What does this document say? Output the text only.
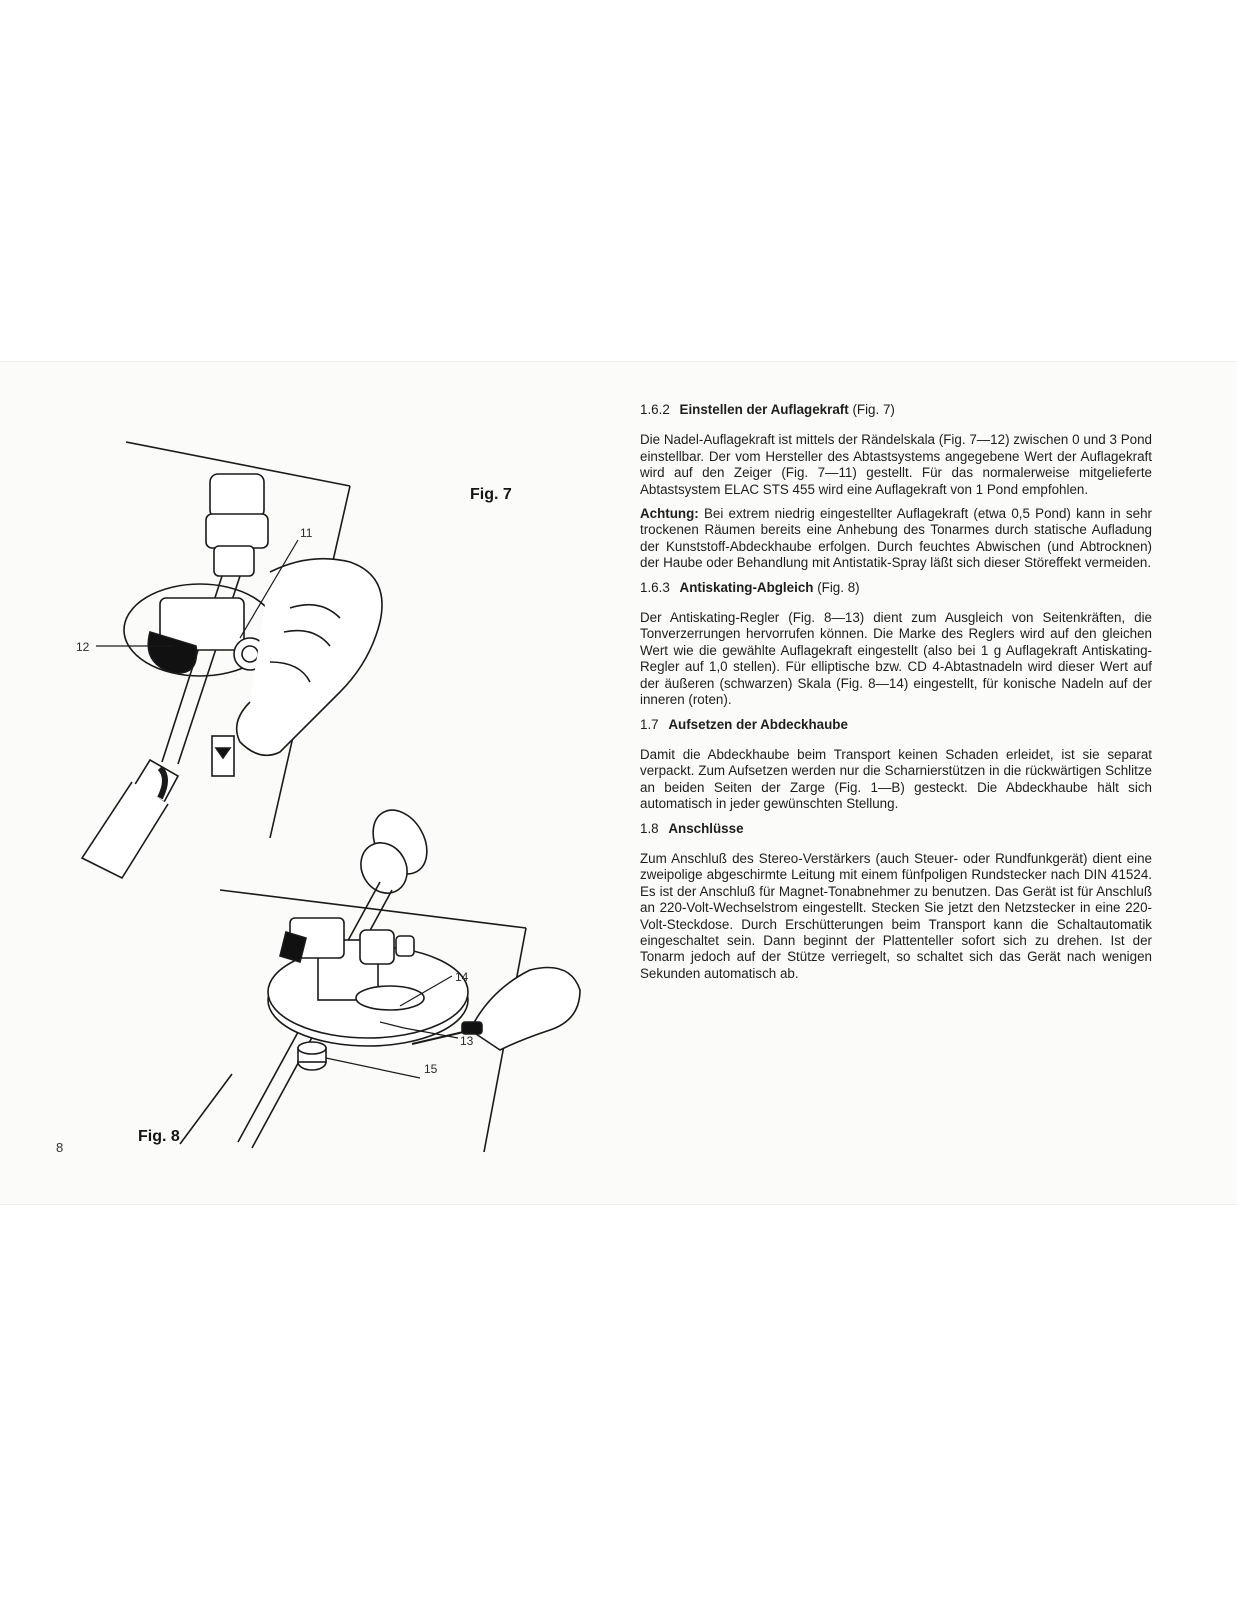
Fig. 7
11
12
Fig. 8
14
13
15
8
1.6.2 Einstellen der Auflagekraft (Fig. 7)

Die Nadel-Auflagekraft ist mittels der Rändelskala (Fig. 7—12) zwischen 0 und 3 Pond einstellbar. Der vom Hersteller des Abtastsystems angegebene Wert der Auflagekraft wird auf den Zeiger (Fig. 7—11) gestellt. Für das normalerweise mitgelieferte Abtastsystem ELAC STS 455 wird eine Auflagekraft von 1 Pond empfohlen.

Achtung: Bei extrem niedrig eingestellter Auflagekraft (etwa 0,5 Pond) kann in sehr trockenen Räumen bereits eine Anhebung des Tonarmes durch statische Aufladung der Kunststoff-Abdeckhaube erfolgen. Durch feuchtes Abwischen (und Abtrocknen) der Haube oder Behandlung mit Antistatik-Spray läßt sich dieser Störeffekt vermeiden.

1.6.3 Antiskating-Abgleich (Fig. 8)

Der Antiskating-Regler (Fig. 8—13) dient zum Ausgleich von Seitenkräften, die Tonverzerrungen hervorrufen können. Die Marke des Reglers wird auf den gleichen Wert wie die gewählte Auflagekraft eingestellt (also bei 1 g Auflagekraft Antiskating-Regler auf 1,0 stellen). Für elliptische bzw. CD 4-Abtastnadeln wird dieser Wert auf der äußeren (schwarzen) Skala (Fig. 8—14) eingestellt, für konische Nadeln auf der inneren (roten).

1.7 Aufsetzen der Abdeckhaube

Damit die Abdeckhaube beim Transport keinen Schaden erleidet, ist sie separat verpackt. Zum Aufsetzen werden nur die Scharnierstützen in die rückwärtigen Schlitze an beiden Seiten der Zarge (Fig. 1—B) gesteckt. Die Abdeckhaube hält sich automatisch in jeder gewünschten Stellung.

1.8 Anschlüsse

Zum Anschluß des Stereo-Verstärkers (auch Steuer- oder Rundfunkgerät) dient eine zweipolige abgeschirmte Leitung mit einem fünfpoligen Rundstecker nach DIN 41524. Es ist der Anschluß für Magnet-Tonabnehmer zu benutzen. Das Gerät ist für Anschluß an 220-Volt-Wechselstrom eingestellt. Stecken Sie jetzt den Netzstecker in eine 220-Volt-Steckdose. Durch Erschütterungen beim Transport kann die Schaltautomatik eingeschaltet sein. Dann beginnt der Plattenteller sofort sich zu drehen. Ist der Tonarm jedoch auf der Stütze verriegelt, so schaltet sich das Gerät nach wenigen Sekunden automatisch ab.
